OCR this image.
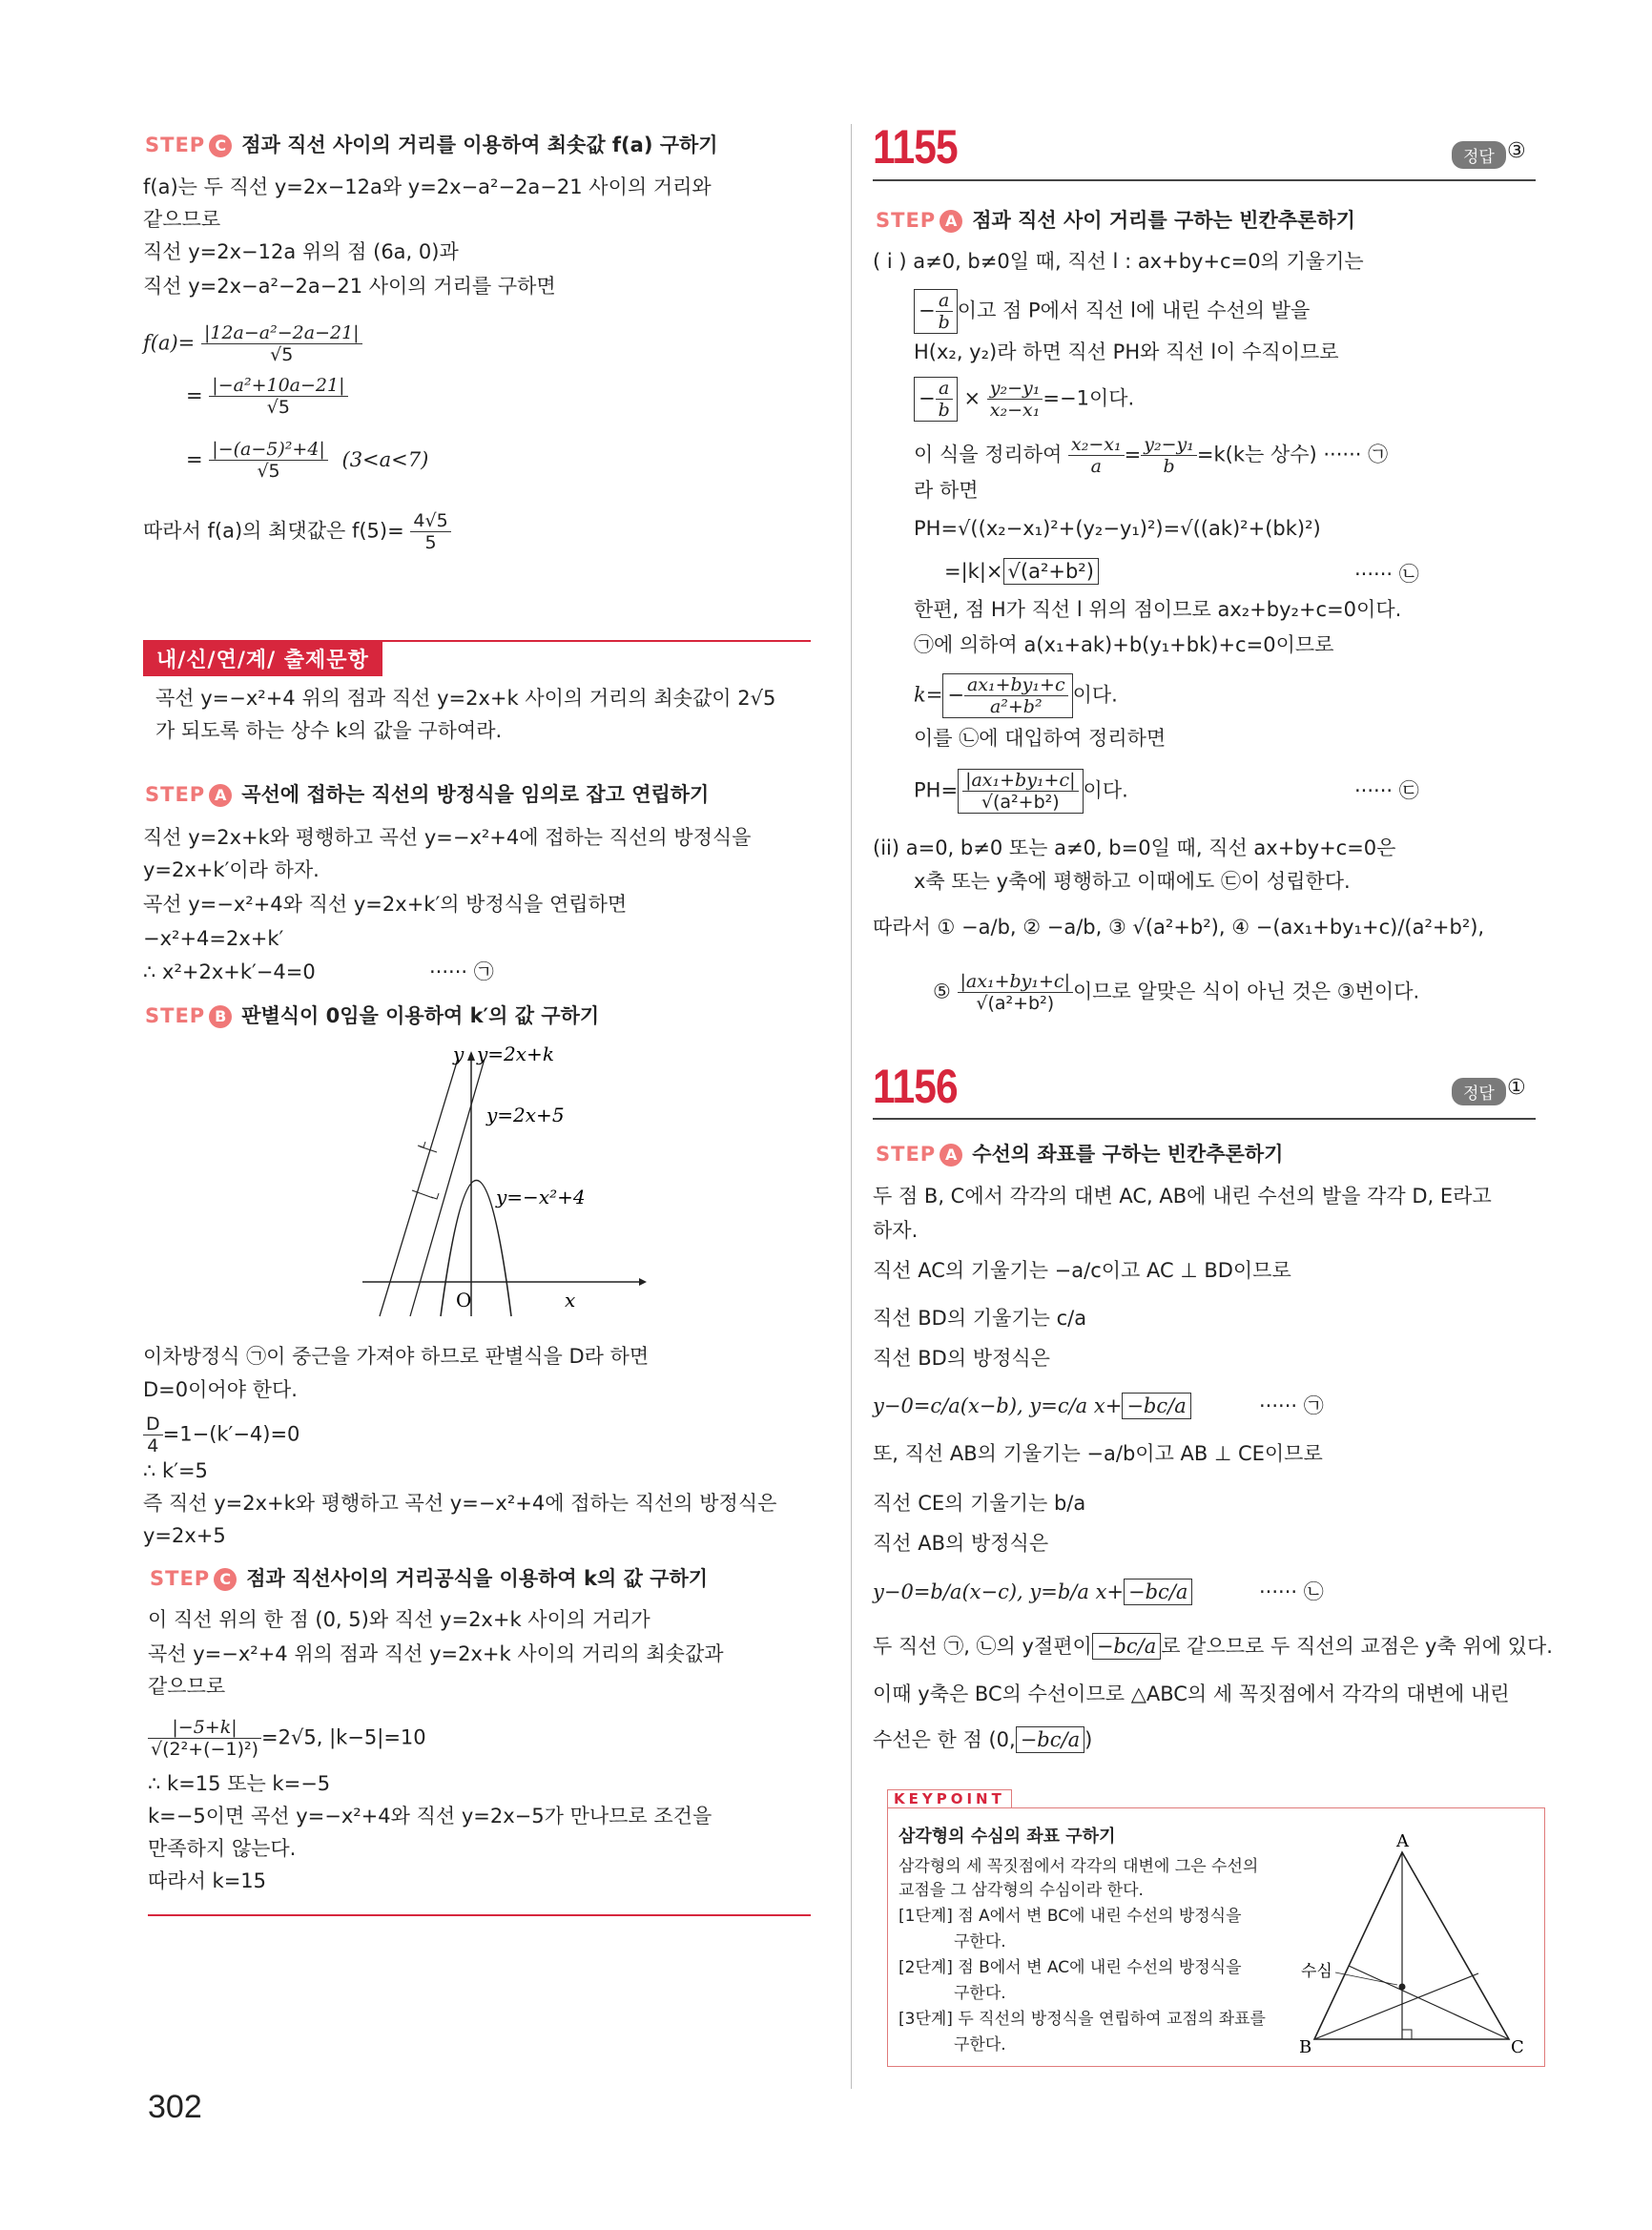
STEP C 점과 직선 사이의 거리를 이용하여 최솟값 f(a) 구하기
f(a)는 두 직선 y=2x−12a와 y=2x−a²−2a−21 사이의 거리와
같으므로
직선 y=2x−12a 위의 점 (6a, 0)과
직선 y=2x−a²−2a−21 사이의 거리를 구하면
$f(a)= \frac{\text{|12a−a²−2a−21|}}{√5}$
= $\frac{\text{|−a²+10a−21|}}{√5}$
= $\frac{\text{|−(a−5)²+4|}}{√5} (3<a<7)$
따라서 f(a)의 최댓값은 $f(5)= \frac{4√5}{5}$
내/신/연/계/ 출제문항
곡선 y=−x²+4 위의 점과 직선 y=2x+k 사이의 거리의 최솟값이 2√5
가 되도록 하는 상수 k의 값을 구하여라.
STEP A 곡선에 접하는 직선의 방정식을 임의로 잡고 연립하기
직선 y=2x+k와 평행하고 곡선 y=−x²+4에 접하는 직선의 방정식을
y=2x+k′이라 하자.
곡선 y=−x²+4와 직선 y=2x+k′의 방정식을 연립하면
−x²+4=2x+k′
∴ x²+2x+k′−4=0	······ ㉠
STEP B 판별식이 0임을 이용하여 k′의 값 구하기
y y=2x+k
y=2x+5
y=−x²+4
O	x
이차방정식 ㉠이 중근을 가져야 하므로 판별식을 D라 하면
D=0이어야 한다.
$\frac{D}{4} =1-(k'-4)=0$
∴ k′=5
즉 직선 y=2x+k와 평행하고 곡선 y=−x²+4에 접하는 직선의 방정식은
y=2x+5
STEP C 점과 직선사이의 거리공식을 이용하여 k의 값 구하기
이 직선 위의 한 점 (0, 5)와 직선 y=2x+k 사이의 거리가
곡선 y=−x²+4 위의 점과 직선 y=2x+k 사이의 거리의 최솟값과
같으므로
$\frac{|-5+k|}{\text{√(2²+(−1)²)}} =2√5$, |k−5|=10
∴ k=15 또는 k=−5
k=−5이면 곡선 y=−x²+4와 직선 y=2x−5가 만나므로 조건을
만족하지 않는다.
따라서 k=15
1155	정답 ③
STEP A 점과 직선 사이 거리를 구하는 빈칸추론하기
( i ) a≠0, b≠0일 때, 직선 l : ax+by+c=0의 기울기는
− $\frac{a}{b}$ 이고 점 P에서 직선 l에 내린 수선의 발을
H(x₂, y₂)라 하면 직선 PH와 직선 l이 수직이므로
− $\frac{a}{b} \times \frac{\text{y₂−y₁}}{\text{x₂−x₁}} =-1$이다.
이 식을 정리하여 $\frac{\text{x₂−x₁}}{a} = \frac{\text{y₂−y₁}}{b} =k(k$는 상수) ······ ㉠
라 하면
PH=√((x₂−x₁)²+(y₂−y₁)²)=√((ak)²+(bk)²)
=|k|× √(a²+b²)	······ ㉡
한편, 점 H가 직선 l 위의 점이므로 ax₂+by₂+c=0이다.
㉠에 의하여 a(x₁+ak)+b(y₁+bk)+c=0이므로
$k= - \frac{\text{ax₁+by₁+c}}{\text{a²+b²}}$ 이다.
이를 ㉡에 대입하여 정리하면
$PH= \frac{\text{|ax₁+by₁+c|}}{\text{√(a²+b²)}}$ 이다.	······ ㉢
(ii) a=0, b≠0 또는 a≠0, b=0일 때, 직선 ax+by+c=0은
x축 또는 y축에 평행하고 이때에도 ㉢이 성립한다.
따라서 ① −a/b, ② −a/b, ③ √(a²+b²), ④ −(ax₁+by₁+c)/(a²+b²),
⑤ $\frac{\text{|ax₁+by₁+c|}}{\text{√(a²+b²)}}$ 이므로 알맞은 식이 아닌 것은 ③번이다.
1156	정답 ①
STEP A 수선의 좌표를 구하는 빈칸추론하기
두 점 B, C에서 각각의 대변 AC, AB에 내린 수선의 발을 각각 D, E라고
하자.
직선 AC의 기울기는 −a/c이고 AC ⊥ BD이므로
직선 BD의 기울기는 c/a
직선 BD의 방정식은
y−0=c/a(x−b), y=c/a x+ −bc/a	······ ㉠
또, 직선 AB의 기울기는 −a/b이고 AB ⊥ CE이므로
직선 CE의 기울기는 b/a
직선 AB의 방정식은
y−0=b/a(x−c), y=b/a x+ −bc/a	······ ㉡
두 직선 ㉠, ㉡의 y절편이 −bc/a 로 같으므로 두 직선의 교점은 y축 위에 있다.
이때 y축은 BC의 수선이므로 △ABC의 세 꼭짓점에서 각각의 대변에 내린
수선은 한 점 (0, −bc/a )
KEYPOINT
삼각형의 수심의 좌표 구하기
삼각형의 세 꼭짓점에서 각각의 대변에 그은 수선의
교점을 그 삼각형의 수심이라 한다.
[1단계] 점 A에서 변 BC에 내린 수선의 방정식을
구한다.
[2단계] 점 B에서 변 AC에 내린 수선의 방정식을
구한다.
[3단계] 두 직선의 방정식을 연립하여 교점의 좌표를
구한다.
A
B	C
수심
302
